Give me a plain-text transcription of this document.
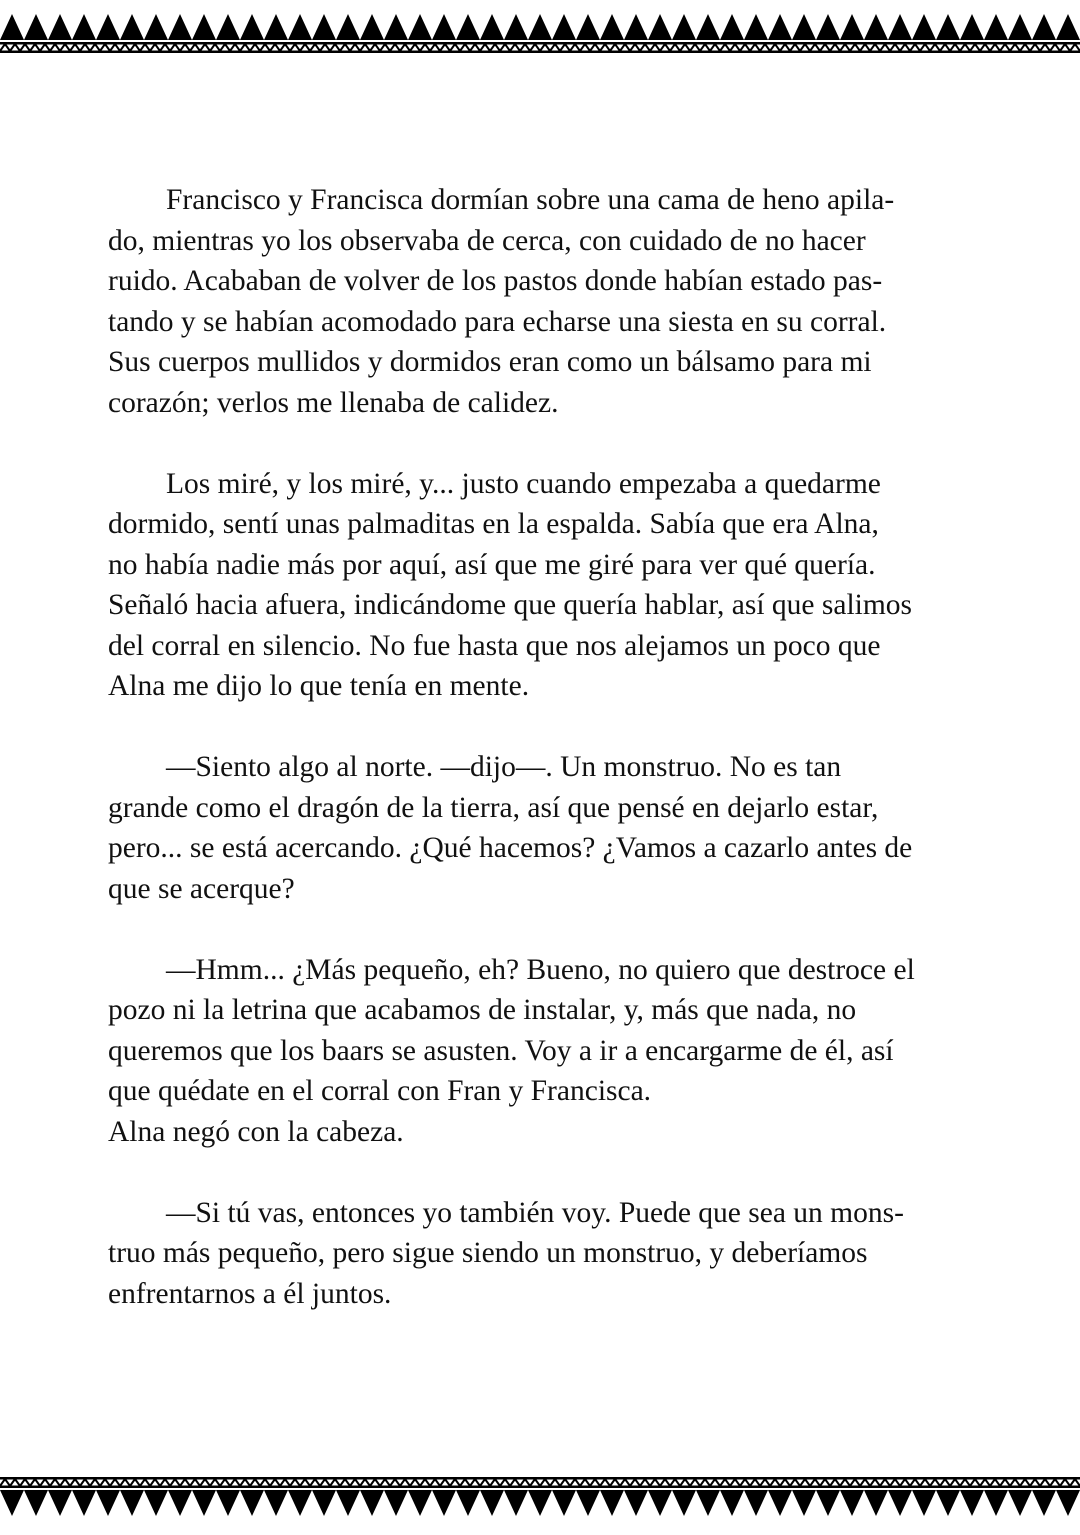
Francisco y Francisca dormían sobre una cama de heno apila-
do, mientras yo los observaba de cerca, con cuidado de no hacer
ruido. Acababan de volver de los pastos donde habían estado pas-
tando y se habían acomodado para echarse una siesta en su corral.
Sus cuerpos mullidos y dormidos eran como un bálsamo para mi
corazón; verlos me llenaba de calidez.

Los miré, y los miré, y... justo cuando empezaba a quedarme
dormido, sentí unas palmaditas en la espalda. Sabía que era Alna,
no había nadie más por aquí, así que me giré para ver qué quería.
Señaló hacia afuera, indicándome que quería hablar, así que salimos
del corral en silencio. No fue hasta que nos alejamos un poco que
Alna me dijo lo que tenía en mente.

—Siento algo al norte. —dijo—. Un monstruo. No es tan
grande como el dragón de la tierra, así que pensé en dejarlo estar,
pero... se está acercando. ¿Qué hacemos? ¿Vamos a cazarlo antes de
que se acerque?

—Hmm... ¿Más pequeño, eh? Bueno, no quiero que destroce el
pozo ni la letrina que acabamos de instalar, y, más que nada, no
queremos que los baars se asusten. Voy a ir a encargarme de él, así
que quédate en el corral con Fran y Francisca.

Alna negó con la cabeza.

—Si tú vas, entonces yo también voy. Puede que sea un mons-
truo más pequeño, pero sigue siendo un monstruo, y deberíamos
enfrentarnos a él juntos.
